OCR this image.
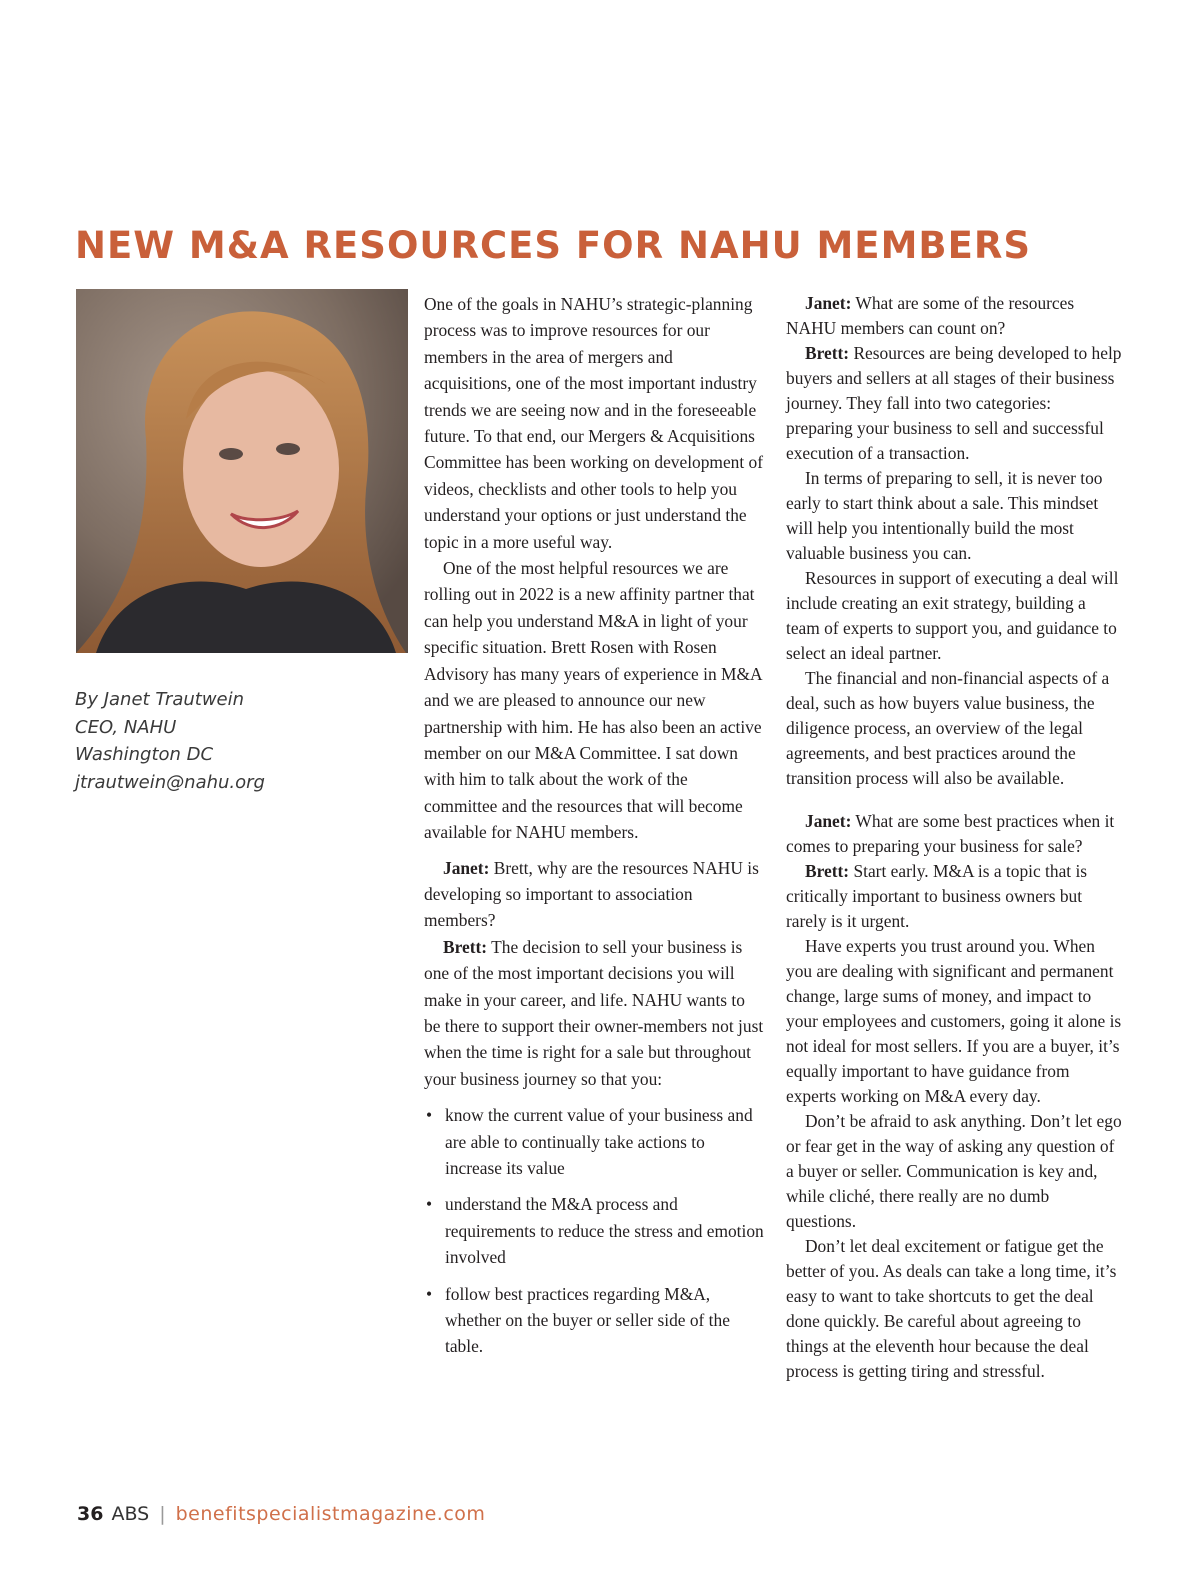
NEW M&A RESOURCES FOR NAHU MEMBERS
By Janet Trautwein
CEO, NAHU
Washington DC
jtrautwein@nahu.org

One of the goals in NAHU’s strategic-planning process was to improve resources for our members in the area of mergers and acquisitions, one of the most important industry trends we are seeing now and in the foreseeable future. To that end, our Mergers & Acquisitions Committee has been working on development of videos, checklists and other tools to help you understand your options or just understand the topic in a more useful way.

One of the most helpful resources we are rolling out in 2022 is a new affinity partner that can help you understand M&A in light of your specific situation. Brett Rosen with Rosen Advisory has many years of experience in M&A and we are pleased to announce our new partnership with him. He has also been an active member on our M&A Committee. I sat down with him to talk about the work of the committee and the resources that will become available for NAHU members.

Janet: Brett, why are the resources NAHU is developing so important to association members?

Brett: The decision to sell your business is one of the most important decisions you will make in your career, and life. NAHU wants to be there to support their owner-members not just when the time is right for a sale but throughout your business journey so that you:

• know the current value of your business and are able to continually take actions to increase its value
• understand the M&A process and requirements to reduce the stress and emotion involved
• follow best practices regarding M&A, whether on the buyer or seller side of the table.

Janet: What are some of the resources NAHU members can count on?

Brett: Resources are being developed to help buyers and sellers at all stages of their business journey. They fall into two categories: preparing your business to sell and successful execution of a transaction.

In terms of preparing to sell, it is never too early to start think about a sale. This mindset will help you intentionally build the most valuable business you can.

Resources in support of executing a deal will include creating an exit strategy, building a team of experts to support you, and guidance to select an ideal partner.

The financial and non-financial aspects of a deal, such as how buyers value business, the diligence process, an overview of the legal agreements, and best practices around the transition process will also be available.

Janet: What are some best practices when it comes to preparing your business for sale?

Brett: Start early. M&A is a topic that is critically important to business owners but rarely is it urgent.

Have experts you trust around you. When you are dealing with significant and permanent change, large sums of money, and impact to your employees and customers, going it alone is not ideal for most sellers. If you are a buyer, it’s equally important to have guidance from experts working on M&A every day.

Don’t be afraid to ask anything. Don’t let ego or fear get in the way of asking any question of a buyer or seller. Communication is key and, while cliché, there really are no dumb questions.

Don’t let deal excitement or fatigue get the better of you. As deals can take a long time, it’s easy to want to take shortcuts to get the deal done quickly. Be careful about agreeing to things at the eleventh hour because the deal process is getting tiring and stressful.

36 ABS | benefitspecialistmagazine.com
